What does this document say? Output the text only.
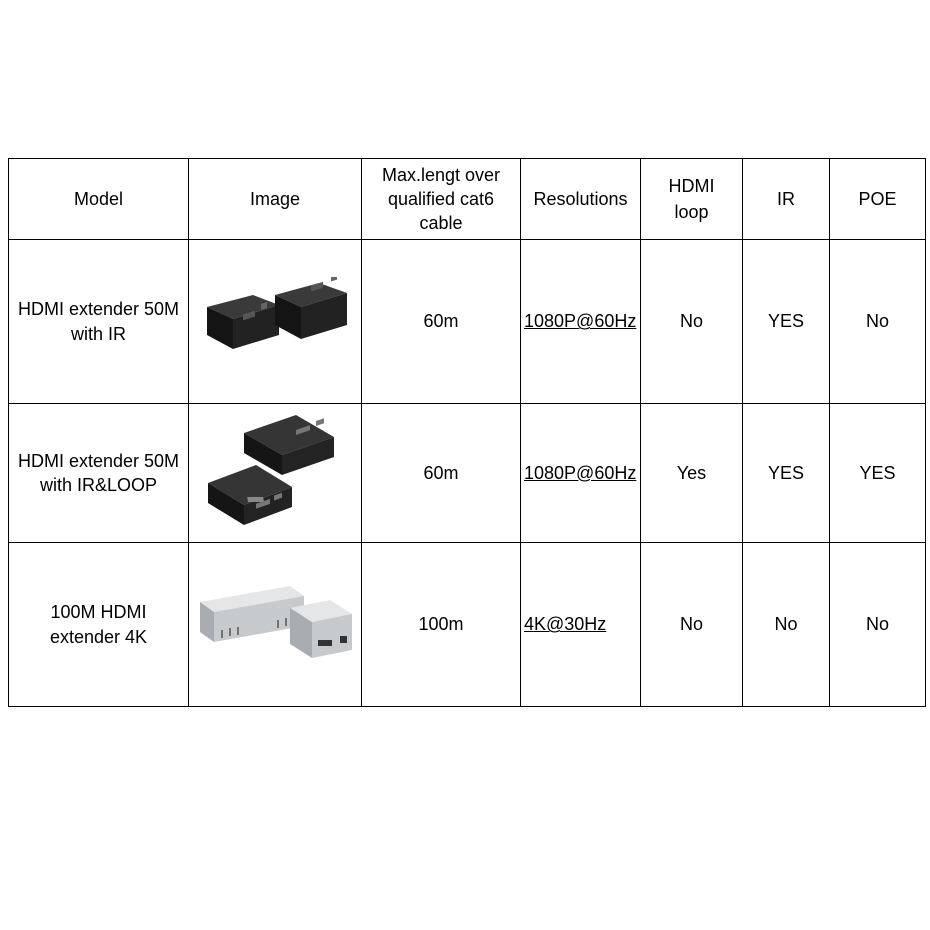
Model	Image	Max.lengt over qualified cat6 cable	Resolutions	HDMI loop	IR	POE
HDMI extender 50M with IR		60m	1080P@60Hz	No	YES	No

HDMI extender 50M with IR&LOOP		60m	1080P@60Hz	Yes	YES	YES

100M HDMI extender 4K		100m	4K@30Hz	No	No	No
